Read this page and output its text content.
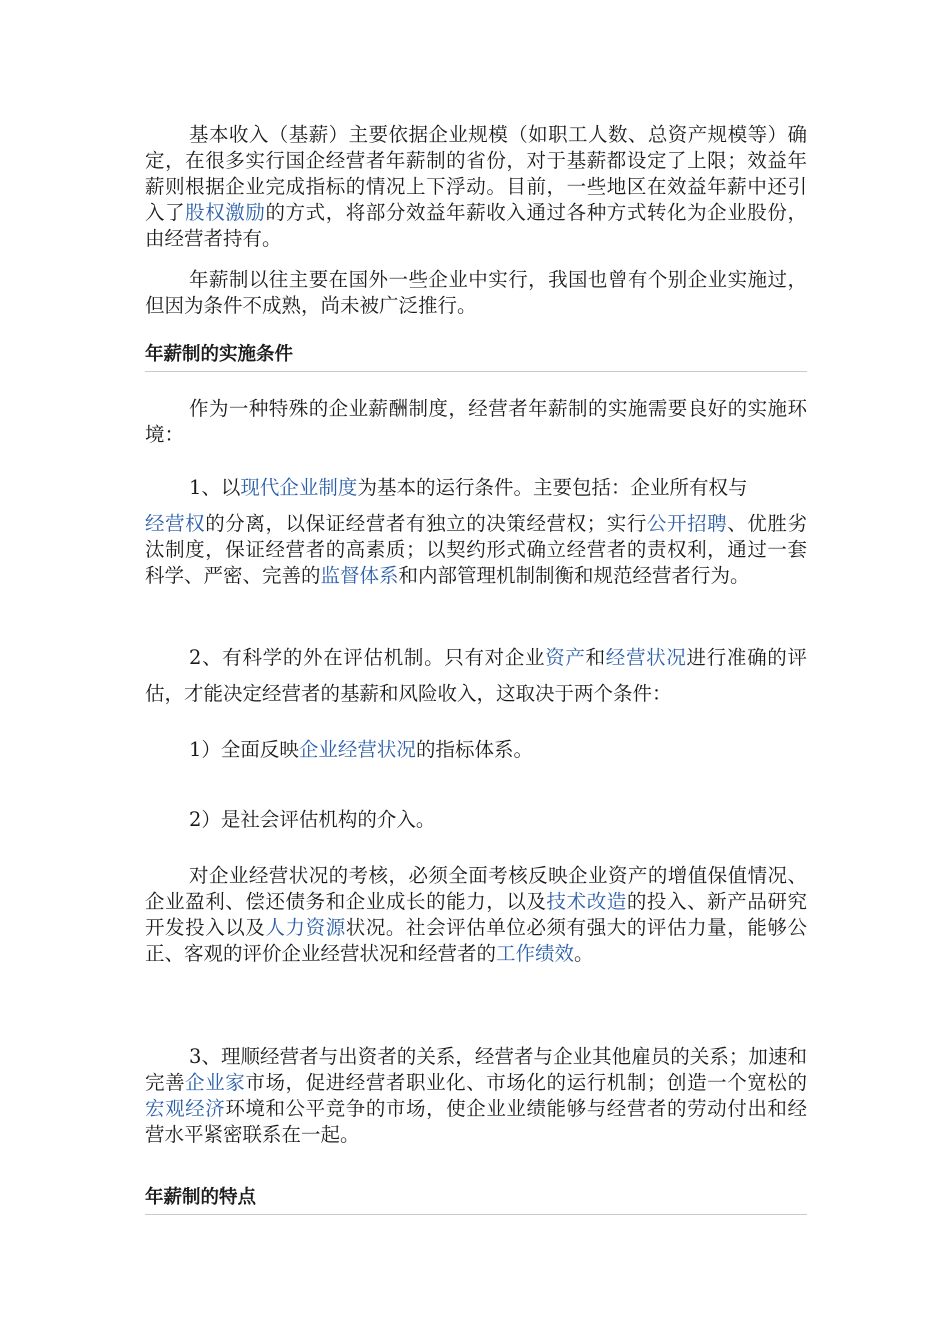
基本收入（基薪）主要依据企业规模（如职工人数、总资产规模等）确定，在很多实行国企经营者年薪制的省份，对于基薪都设定了上限；效益年薪则根据企业完成指标的情况上下浮动。目前，一些地区在效益年薪中还引入了股权激励的方式，将部分效益年薪收入通过各种方式转化为企业股份，由经营者持有。

年薪制以往主要在国外一些企业中实行，我国也曾有个别企业实施过，但因为条件不成熟，尚未被广泛推行。

年薪制的实施条件

作为一种特殊的企业薪酬制度，经营者年薪制的实施需要良好的实施环境：

1、以现代企业制度为基本的运行条件。主要包括：企业所有权与
经营权的分离，以保证经营者有独立的决策经营权；实行公开招聘、优胜劣汰制度，保证经营者的高素质；以契约形式确立经营者的责权利，通过一套科学、严密、完善的监督体系和内部管理机制制衡和规范经营者行为。

2、有科学的外在评估机制。只有对企业资产和经营状况进行准确的评估，才能决定经营者的基薪和风险收入，这取决于两个条件：

1）全面反映企业经营状况的指标体系。

2）是社会评估机构的介入。

对企业经营状况的考核，必须全面考核反映企业资产的增值保值情况、企业盈利、偿还债务和企业成长的能力，以及技术改造的投入、新产品研究开发投入以及人力资源状况。社会评估单位必须有强大的评估力量，能够公正、客观的评价企业经营状况和经营者的工作绩效。

3、理顺经营者与出资者的关系，经营者与企业其他雇员的关系；加速和完善企业家市场，促进经营者职业化、市场化的运行机制；创造一个宽松的宏观经济环境和公平竞争的市场，使企业业绩能够与经营者的劳动付出和经营水平紧密联系在一起。

年薪制的特点
